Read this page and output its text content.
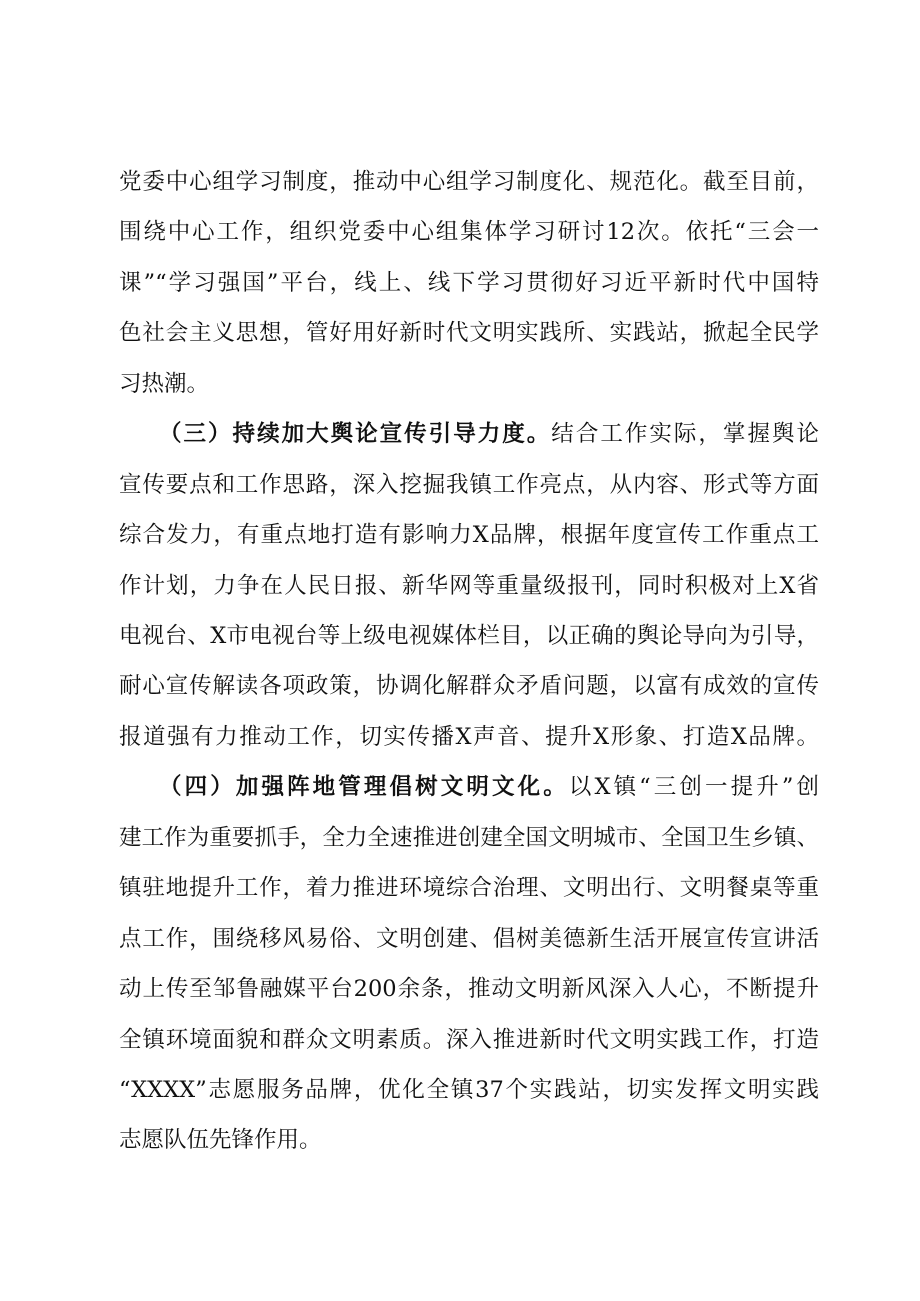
党委中心组学习制度，推动中心组学习制度化、规范化。截至目前，
围绕中心工作，组织党委中心组集体学习研讨12次。依托“三会一
课”“学习强国”平台，线上、线下学习贯彻好习近平新时代中国特
色社会主义思想，管好用好新时代文明实践所、实践站，掀起全民学
习热潮。
（三）持续加大舆论宣传引导力度。结合工作实际，掌握舆论
宣传要点和工作思路，深入挖掘我镇工作亮点，从内容、形式等方面
综合发力，有重点地打造有影响力X品牌，根据年度宣传工作重点工
作计划，力争在人民日报、新华网等重量级报刊，同时积极对上X省
电视台、X市电视台等上级电视媒体栏目，以正确的舆论导向为引导，
耐心宣传解读各项政策，协调化解群众矛盾问题，以富有成效的宣传
报道强有力推动工作，切实传播X声音、提升X形象、打造X品牌。
（四）加强阵地管理倡树文明文化。以X镇“三创一提升”创
建工作为重要抓手，全力全速推进创建全国文明城市、全国卫生乡镇、
镇驻地提升工作，着力推进环境综合治理、文明出行、文明餐桌等重
点工作，围绕移风易俗、文明创建、倡树美德新生活开展宣传宣讲活
动上传至邹鲁融媒平台200余条，推动文明新风深入人心，不断提升
全镇环境面貌和群众文明素质。深入推进新时代文明实践工作，打造
“XXXX”志愿服务品牌，优化全镇37个实践站，切实发挥文明实践
志愿队伍先锋作用。
